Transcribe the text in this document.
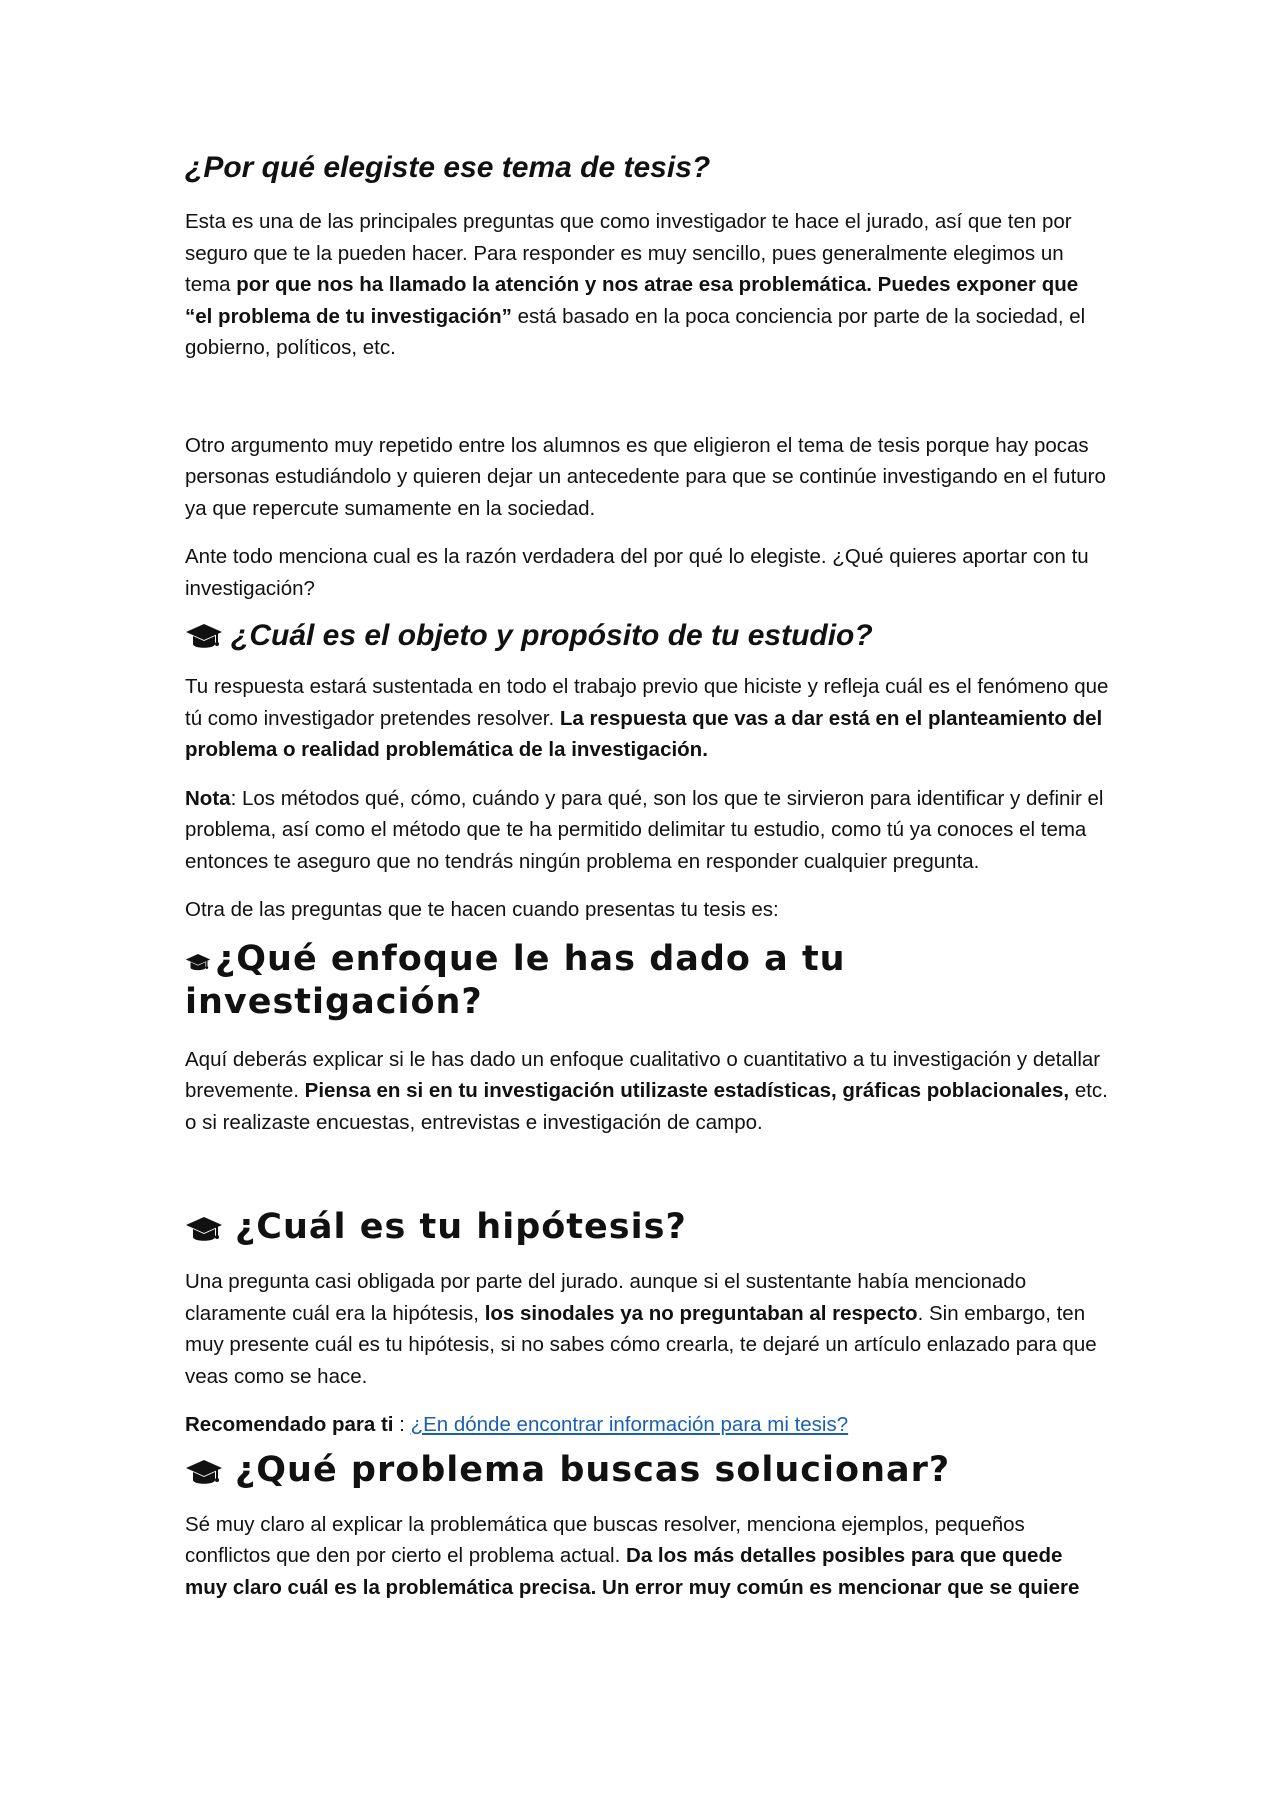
¿Por qué elegiste ese tema de tesis?

Esta es una de las principales preguntas que como investigador te hace el jurado, así que ten por seguro que te la pueden hacer. Para responder es muy sencillo, pues generalmente elegimos un tema por que nos ha llamado la atención y nos atrae esa problemática. Puedes exponer que “el problema de tu investigación” está basado en la poca conciencia por parte de la sociedad, el gobierno, políticos, etc.

Otro argumento muy repetido entre los alumnos es que eligieron el tema de tesis porque hay pocas personas estudiándolo y quieren dejar un antecedente para que se continúe investigando en el futuro ya que repercute sumamente en la sociedad.

Ante todo menciona cual es la razón verdadera del por qué lo elegiste. ¿Qué quieres aportar con tu investigación?

¿Cuál es el objeto y propósito de tu estudio?

Tu respuesta estará sustentada en todo el trabajo previo que hiciste y refleja cuál es el fenómeno que tú como investigador pretendes resolver. La respuesta que vas a dar está en el planteamiento del problema o realidad problemática de la investigación.

Nota: Los métodos qué, cómo, cuándo y para qué, son los que te sirvieron para identificar y definir el problema, así como el método que te ha permitido delimitar tu estudio, como tú ya conoces el tema entonces te aseguro que no tendrás ningún problema en responder cualquier pregunta.

Otra de las preguntas que te hacen cuando presentas tu tesis es:

¿Qué enfoque le has dado a tu investigación?

Aquí deberás explicar si le has dado un enfoque cualitativo o cuantitativo a tu investigación y detallar brevemente. Piensa en si en tu investigación utilizaste estadísticas, gráficas poblacionales, etc. o si realizaste encuestas, entrevistas e investigación de campo.

¿Cuál es tu hipótesis?

Una pregunta casi obligada por parte del jurado. aunque si el sustentante había mencionado claramente cuál era la hipótesis, los sinodales ya no preguntaban al respecto. Sin embargo, ten muy presente cuál es tu hipótesis, si no sabes cómo crearla, te dejaré un artículo enlazado para que veas como se hace.

Recomendado para ti : ¿En dónde encontrar información para mi tesis?

¿Qué problema buscas solucionar?

Sé muy claro al explicar la problemática que buscas resolver, menciona ejemplos, pequeños conflictos que den por cierto el problema actual. Da los más detalles posibles para que quede muy claro cuál es la problemática precisa. Un error muy común es mencionar que se quiere
